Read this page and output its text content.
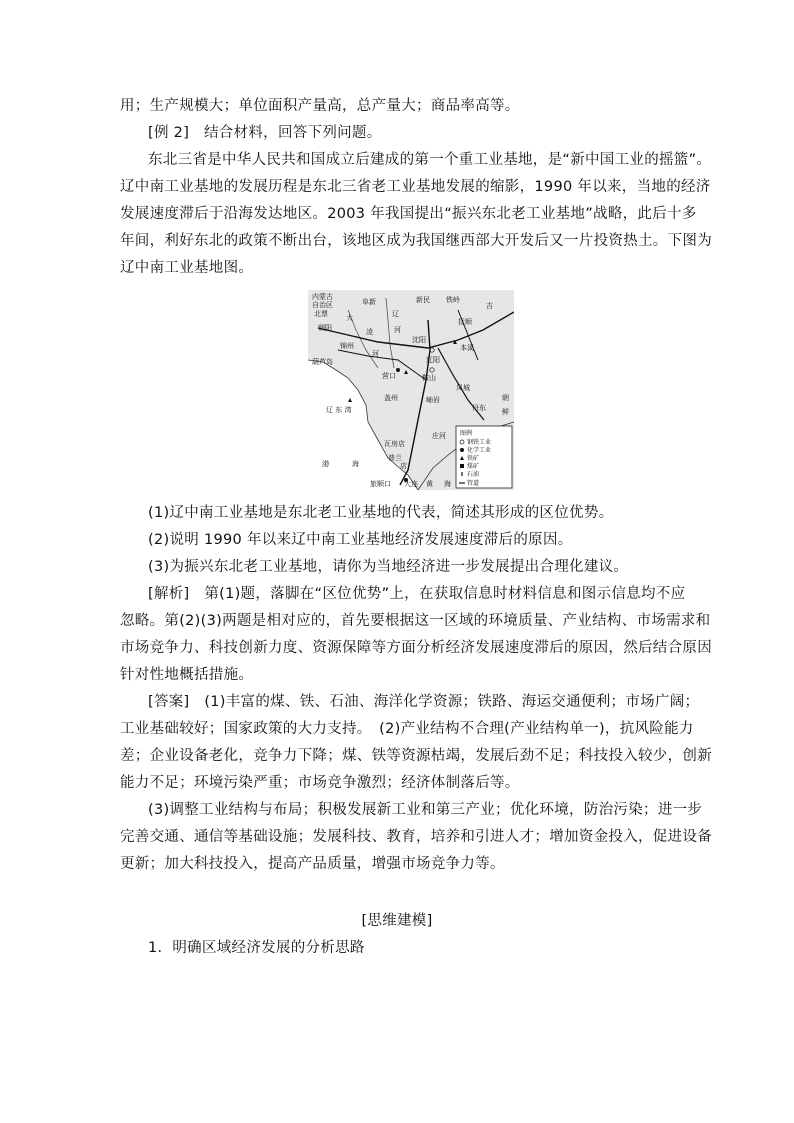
用；生产规模大；单位面积产量高，总产量大；商品率高等。
[例 2]　结合材料，回答下列问题。
东北三省是中华人民共和国成立后建成的第一个重工业基地，是“新中国工业的摇篮”。
辽中南工业基地的发展历程是东北三省老工业基地发展的缩影，1990 年以来，当地的经济
发展速度滞后于沿海发达地区。2003 年我国提出“振兴东北老工业基地”战略，此后十多
年间，利好东北的政策不断出台，该地区成为我国继西部大开发后又一片投资热土。下图为
辽中南工业基地图。
(1)辽中南工业基地是东北老工业基地的代表，简述其形成的区位优势。
(2)说明 1990 年以来辽中南工业基地经济发展速度滞后的原因。
(3)为振兴东北老工业基地，请你为当地经济进一步发展提出合理化建议。
[解析]　第(1)题，落脚在“区位优势”上，在获取信息时材料信息和图示信息均不应
忽略。第(2)(3)两题是相对应的，首先要根据这一区域的环境质量、产业结构、市场需求和
市场竞争力、科技创新力度、资源保障等方面分析经济发展速度滞后的原因，然后结合原因
针对性地概括措施。
[答案]　(1)丰富的煤、铁、石油、海洋化学资源；铁路、海运交通便利；市场广阔；
工业基础较好；国家政策的大力支持。　(2)产业结构不合理(产业结构单一)，抗风险能力
差；企业设备老化，竞争力下降；煤、铁等资源枯竭，发展后劲不足；科技投入较少，创新
能力不足；环境污染严重；市场竞争激烈；经济体制落后等。
(3)调整工业结构与布局；积极发展新工业和第三产业；优化环境，防治污染；进一步
完善交通、通信等基础设施；发展科技、教育，培养和引进人才；增加资金投入，促进设备
更新；加大科技投入，提高产品质量，增强市场竞争力等。
[思维建模]
1．明确区域经济发展的分析思路
图例
钢铁工业
化学工业
铁矿
煤矿
石油
管道
内蒙古
自治区
北票
阜新	新民 铁岭
沈阳
抚顺
本溪
辽阳
鞍山
营口
盖州	岫岩
凤城
丹东
朝阳
锦州
葫芦岛
大
凌
河
辽
河
辽 东 湾
渤	海
黄 海
庄河
瓦房店
普兰
店
旅顺口 大连
吉
朝
鲜
